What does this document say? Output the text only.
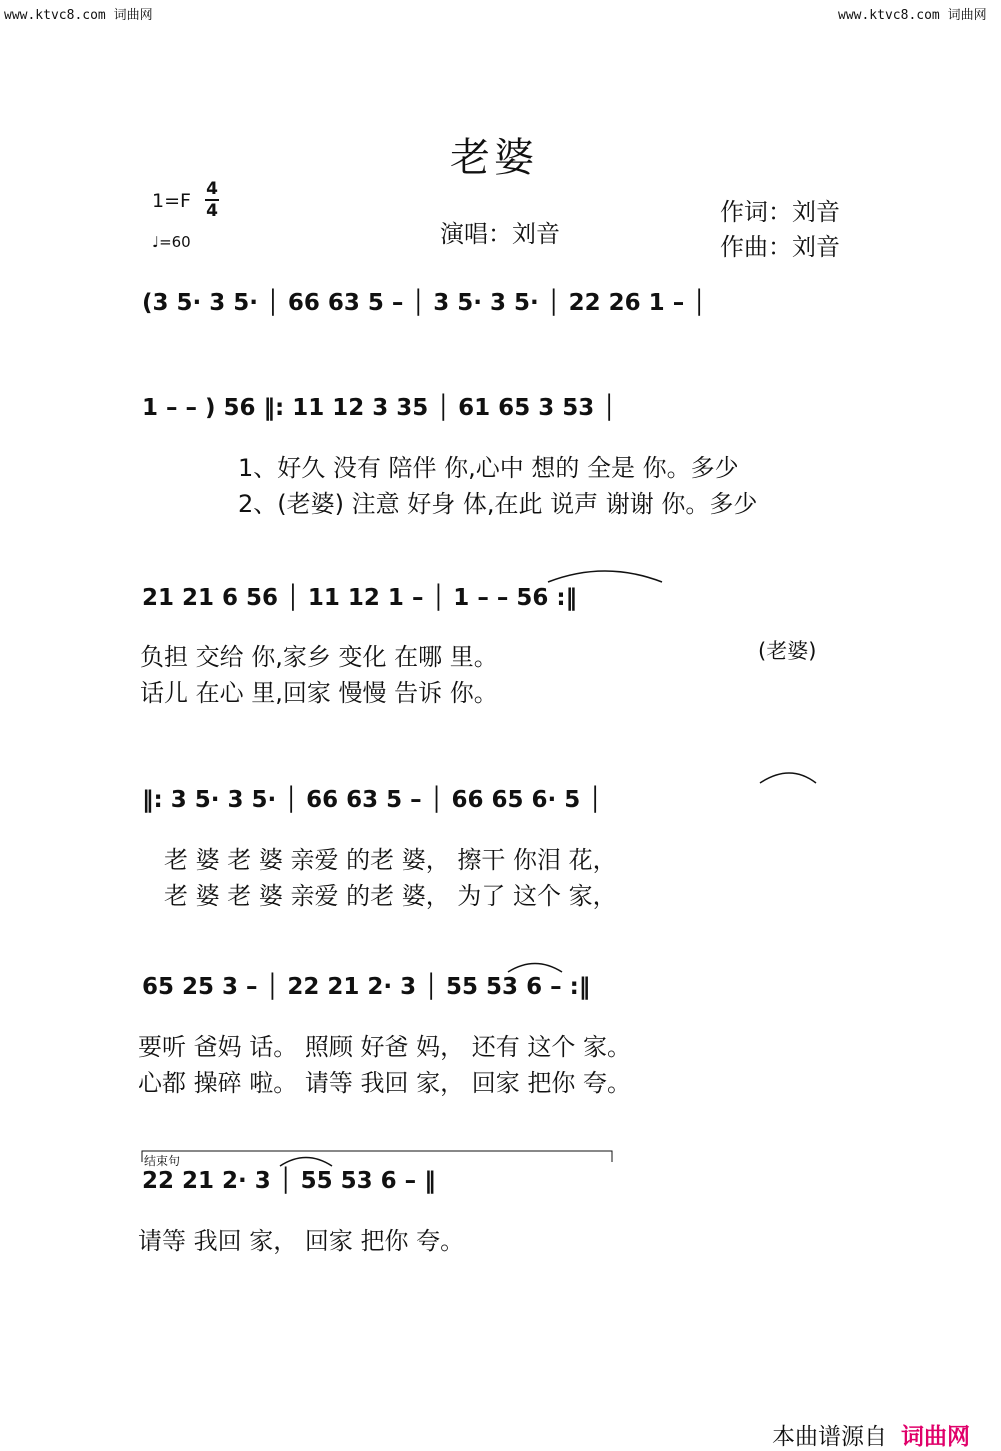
www.ktvc8.com 词曲网	www.ktvc8.com 词曲网
老婆
1=F
4
4
♩=60	演唱：刘音
作词：刘音
作曲：刘音
(3 5· 3 5· │ 66 63 5 – │ 3 5· 3 5· │ 22 26 1 – │
1 – – ) 56 ‖: 11 12 3 35 │ 61 65 3 53 │
1、好久 没有 陪伴 你,心中 想的 全是 你。多少
2、(老婆) 注意 好身 体,在此 说声 谢谢 你。多少
21 21 6 56 │ 11 12 1 – │ 1 – – 56 :‖
负担 交给 你,家乡 变化 在哪 里。
话儿 在心 里,回家 慢慢 告诉 你。
(老婆)
‖: 3 5· 3 5· │ 66 63 5 – │ 66 65 6· 5 │
老 婆 老 婆 亲爱 的老 婆， 擦干 你泪 花，
老 婆 老 婆 亲爱 的老 婆， 为了 这个 家，
65 25 3 – │ 22 21 2· 3 │ 55 53 6 – :‖
要听 爸妈 话。 照顾 好爸 妈， 还有 这个 家。
心都 操碎 啦。 请等 我回 家， 回家 把你 夸。
结束句
22 21 2· 3 │ 55 53 6 – ‖
请等 我回 家， 回家 把你 夸。
本曲谱源自 词曲网
